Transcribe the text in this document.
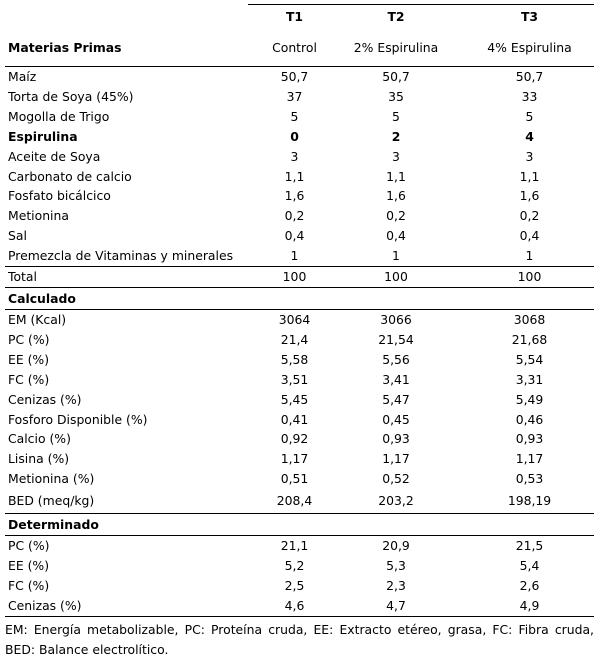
	T1	T2	T3
Materias Primas	Control	2% Espirulina	4% Espirulina
Maíz	50,7	50,7	50,7
Torta de Soya (45%)	37	35	33
Mogolla de Trigo	5	5	5
Espirulina	0	2	4
Aceite de Soya	3	3	3
Carbonato de calcio	1,1	1,1	1,1
Fosfato bicálcico	1,6	1,6	1,6
Metionina	0,2	0,2	0,2
Sal	0,4	0,4	0,4
Premezcla de Vitaminas y minerales	1	1	1
Total	100	100	100
Calculado			
EM (Kcal)	3064	3066	3068
PC (%)	21,4	21,54	21,68
EE (%)	5,58	5,56	5,54
FC (%)	3,51	3,41	3,31
Cenizas (%)	5,45	5,47	5,49
Fosforo Disponible (%)	0,41	0,45	0,46
Calcio (%)	0,92	0,93	0,93
Lisina (%)	1,17	1,17	1,17
Metionina (%)	0,51	0,52	0,53
BED (meq/kg)	208,4	203,2	198,19
Determinado			
PC (%)	21,1	20,9	21,5
EE (%)	5,2	5,3	5,4
FC (%)	2,5	2,3	2,6
Cenizas (%)	4,6	4,7	4,9
EM: Energía metabolizable, PC: Proteína cruda, EE: Extracto etéreo, grasa, FC: Fibra cruda, BED: Balance electrolítico.
